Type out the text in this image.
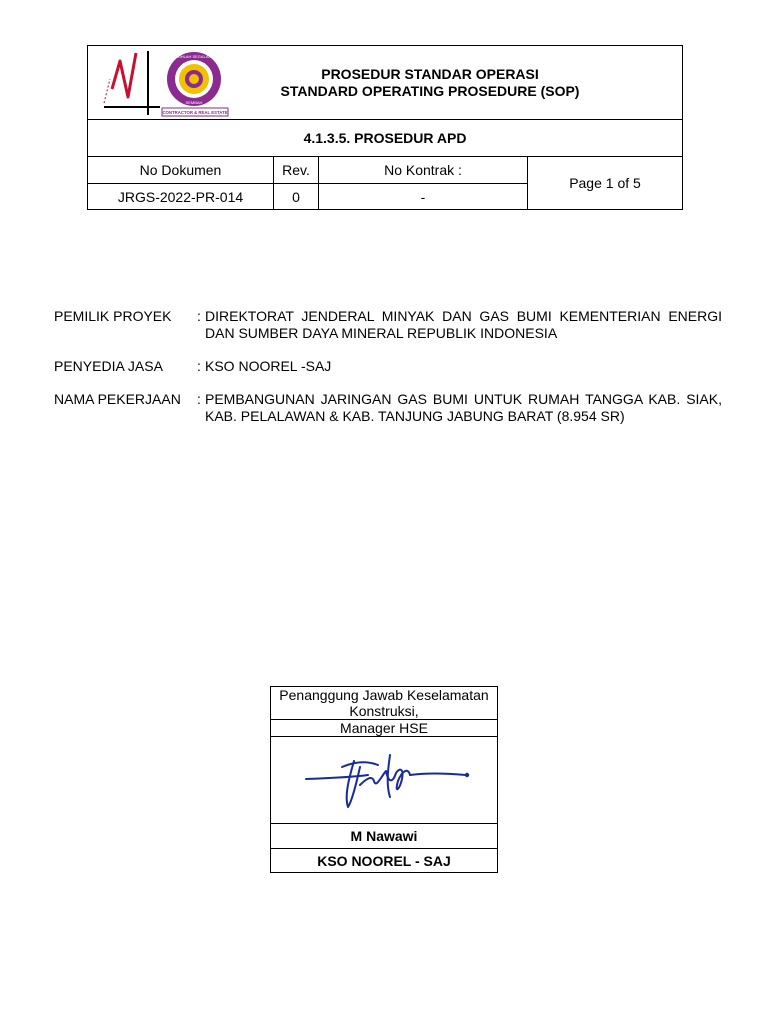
KASIHLAH SEGALANYA
SEMBAH
CONTRACTOR & REAL ESTATE
PROSEDUR STANDAR OPERASI
STANDARD OPERATING PROSEDURE (SOP)			

4.1.3.5. PROSEDUR APD			
No Dokumen	Rev.	No Kontrak :	Page 1 of 5
JRGS-2022-PR-014	0	-	
PEMILIK PROYEK	: DIREKTORAT JENDERAL MINYAK DAN GAS BUMI KEMENTERIAN ENERGI DAN SUMBER DAYA MINERAL REPUBLIK INDONESIA
PENYEDIA JASA	: KSO NOOREL -SAJ
NAMA PEKERJAAN	: PEMBANGUNAN JARINGAN GAS BUMI UNTUK RUMAH TANGGA KAB. SIAK, KAB. PELALAWAN & KAB. TANJUNG JABUNG BARAT (8.954 SR)
Penanggung Jawab Keselamatan Konstruksi,
Manager HSE

M Nawawi
KSO NOOREL - SAJ
